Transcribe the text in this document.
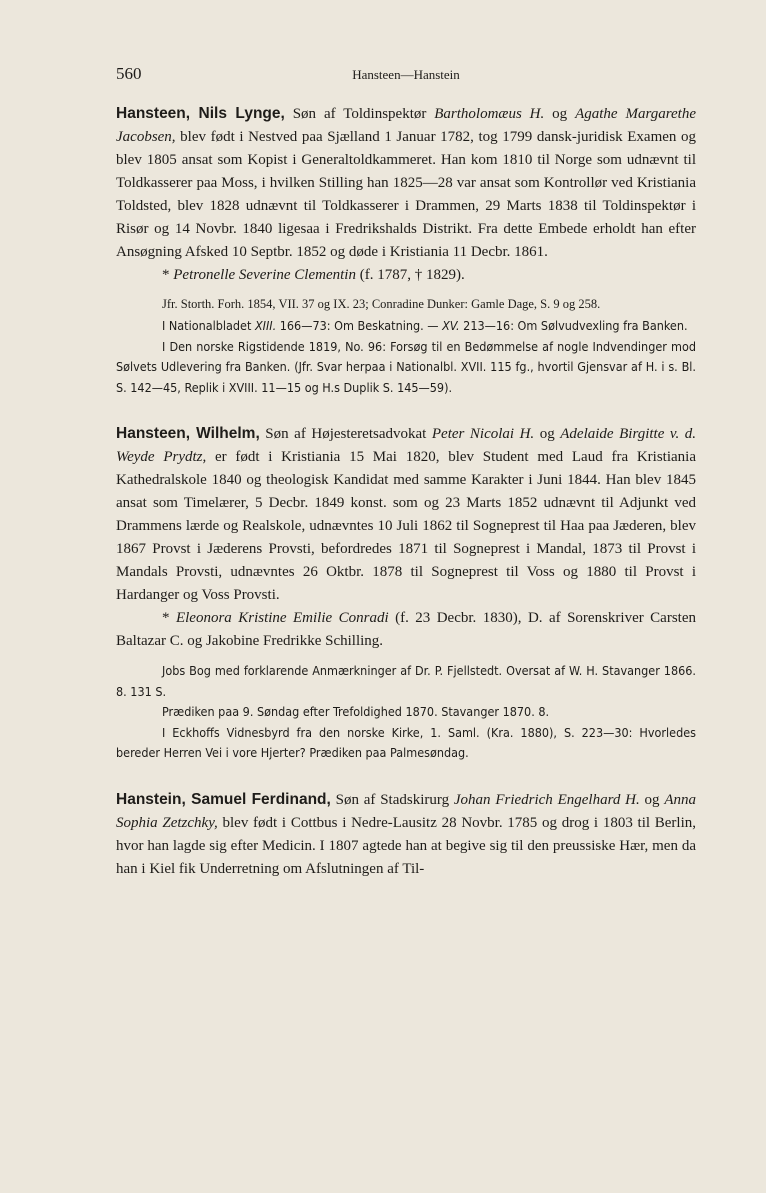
560	Hansteen—Hanstein

Hansteen, Nils Lynge, Søn af Toldinspektør Bartholomæus H. og Agathe Margarethe Jacobsen, blev født i Nestved paa Sjælland 1 Januar 1782, tog 1799 dansk-juridisk Examen og blev 1805 ansat som Kopist i Generaltoldkammeret. Han kom 1810 til Norge som udnævnt til Toldkasserer paa Moss, i hvilken Stilling han 1825—28 var ansat som Kontrollør ved Kristiania Toldsted, blev 1828 udnævnt til Toldkasserer i Drammen, 29 Marts 1838 til Toldinspektør i Risør og 14 Novbr. 1840 ligesaa i Fredrikshalds Distrikt. Fra dette Embede erholdt han efter Ansøgning Afsked 10 Septbr. 1852 og døde i Kristiania 11 Decbr. 1861.

* Petronelle Severine Clementin (f. 1787, † 1829).

Jfr. Storth. Forh. 1854, VII. 37 og IX. 23; Conradine Dunker: Gamle Dage, S. 9 og 258.

I Nationalbladet XIII. 166—73: Om Beskatning. — XV. 213—16: Om Sølvudvexling fra Banken.

I Den norske Rigstidende 1819, No. 96: Forsøg til en Bedømmelse af nogle Indvendinger mod Sølvets Udlevering fra Banken. (Jfr. Svar herpaa i Nationalbl. XVII. 115 fg., hvortil Gjensvar af H. i s. Bl. S. 142—45, Replik i XVIII. 11—15 og H.s Duplik S. 145—59).

Hansteen, Wilhelm, Søn af Højesteretsadvokat Peter Nicolai H. og Adelaide Birgitte v. d. Weyde Prydtz, er født i Kristiania 15 Mai 1820, blev Student med Laud fra Kristiania Kathedralskole 1840 og theologisk Kandidat med samme Karakter i Juni 1844. Han blev 1845 ansat som Timelærer, 5 Decbr. 1849 konst. som og 23 Marts 1852 udnævnt til Adjunkt ved Drammens lærde og Realskole, udnævntes 10 Juli 1862 til Sogneprest til Haa paa Jæderen, blev 1867 Provst i Jæderens Provsti, befordredes 1871 til Sogneprest i Mandal, 1873 til Provst i Mandals Provsti, udnævntes 26 Oktbr. 1878 til Sogneprest til Voss og 1880 til Provst i Hardanger og Voss Provsti.

* Eleonora Kristine Emilie Conradi (f. 23 Decbr. 1830), D. af Sorenskriver Carsten Baltazar C. og Jakobine Fredrikke Schilling.

Jobs Bog med forklarende Anmærkninger af Dr. P. Fjellstedt. Oversat af W. H. Stavanger 1866. 8. 131 S.

Prædiken paa 9. Søndag efter Trefoldighed 1870. Stavanger 1870. 8.

I Eckhoffs Vidnesbyrd fra den norske Kirke, 1. Saml. (Kra. 1880), S. 223—30: Hvorledes bereder Herren Vei i vore Hjerter? Prædiken paa Palmesøndag.

Hanstein, Samuel Ferdinand, Søn af Stadskirurg Johan Friedrich Engelhard H. og Anna Sophia Zetzchky, blev født i Cottbus i Nedre-Lausitz 28 Novbr. 1785 og drog i 1803 til Berlin, hvor han lagde sig efter Medicin. I 1807 agtede han at begive sig til den preussiske Hær, men da han i Kiel fik Underretning om Afslutningen af Til-
